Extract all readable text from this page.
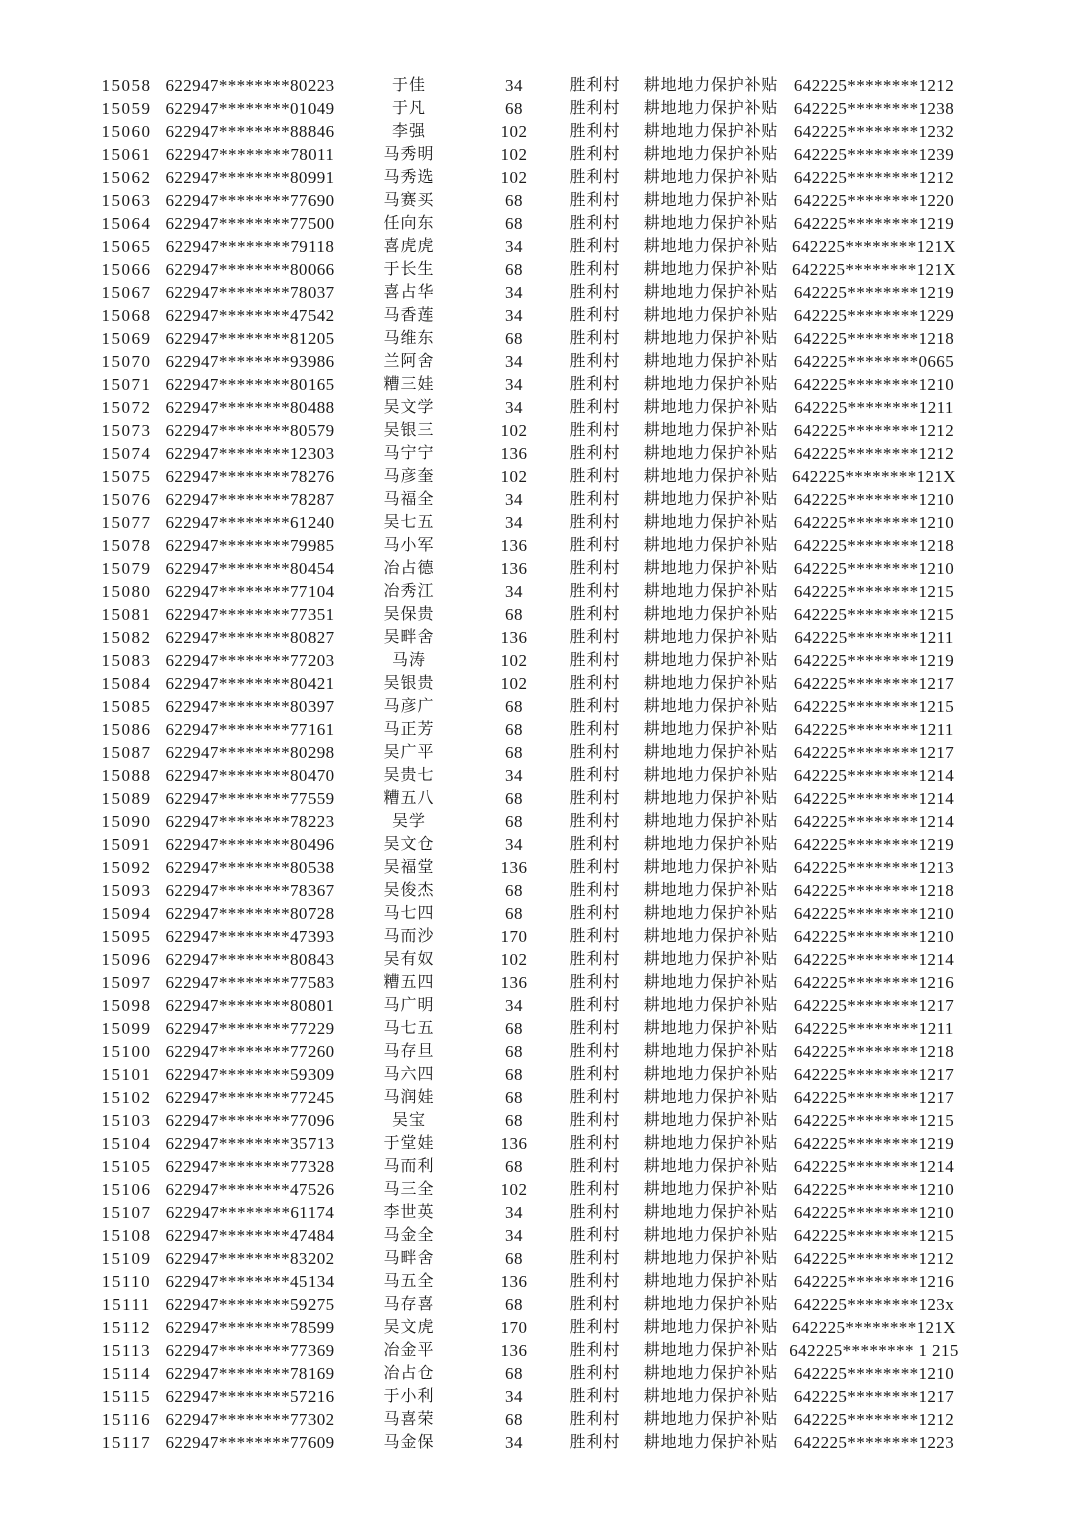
15058 622947********80223	于佳	34	胜利村	耕地地力保护补贴 642225********1212
15059 622947********01049	于凡	68	胜利村	耕地地力保护补贴 642225********1238
15060 622947********88846	李强	102	胜利村	耕地地力保护补贴 642225********1232
15061 622947********78011	马秀明	102	胜利村	耕地地力保护补贴 642225********1239
15062 622947********80991	马秀选	102	胜利村	耕地地力保护补贴 642225********1212
15063 622947********77690	马赛买	68	胜利村	耕地地力保护补贴 642225********1220
15064 622947********77500	任向东	68	胜利村	耕地地力保护补贴 642225********1219
15065 622947********79118	喜虎虎	34	胜利村	耕地地力保护补贴 642225********121X
15066 622947********80066	于长生	68	胜利村	耕地地力保护补贴 642225********121X
15067 622947********78037	喜占华	34	胜利村	耕地地力保护补贴 642225********1219
15068 622947********47542	马香莲	34	胜利村	耕地地力保护补贴 642225********1229
15069 622947********81205	马维东	68	胜利村	耕地地力保护补贴 642225********1218
15070 622947********93986	兰阿舍	34	胜利村	耕地地力保护补贴 642225********0665
15071 622947********80165	糟三娃	34	胜利村	耕地地力保护补贴 642225********1210
15072 622947********80488	吴文学	34	胜利村	耕地地力保护补贴 642225********1211
15073 622947********80579	吴银三	102	胜利村	耕地地力保护补贴 642225********1212
15074 622947********12303	马宁宁	136	胜利村	耕地地力保护补贴 642225********1212
15075 622947********78276	马彦奎	102	胜利村	耕地地力保护补贴 642225********121X
15076 622947********78287	马福全	34	胜利村	耕地地力保护补贴 642225********1210
15077 622947********61240	吴七五	34	胜利村	耕地地力保护补贴 642225********1210
15078 622947********79985	马小军	136	胜利村	耕地地力保护补贴 642225********1218
15079 622947********80454	冶占德	136	胜利村	耕地地力保护补贴 642225********1210
15080 622947********77104	冶秀江	34	胜利村	耕地地力保护补贴 642225********1215
15081 622947********77351	吴保贵	68	胜利村	耕地地力保护补贴 642225********1215
15082 622947********80827	吴畔舍	136	胜利村	耕地地力保护补贴 642225********1211
15083 622947********77203	马涛	102	胜利村	耕地地力保护补贴 642225********1219
15084 622947********80421	吴银贵	102	胜利村	耕地地力保护补贴 642225********1217
15085 622947********80397	马彦广	68	胜利村	耕地地力保护补贴 642225********1215
15086 622947********77161	马正芳	68	胜利村	耕地地力保护补贴 642225********1211
15087 622947********80298	吴广平	68	胜利村	耕地地力保护补贴 642225********1217
15088 622947********80470	吴贵七	34	胜利村	耕地地力保护补贴 642225********1214
15089 622947********77559	糟五八	68	胜利村	耕地地力保护补贴 642225********1214
15090 622947********78223	吴学	68	胜利村	耕地地力保护补贴 642225********1214
15091 622947********80496	吴文仓	34	胜利村	耕地地力保护补贴 642225********1219
15092 622947********80538	吴福堂	136	胜利村	耕地地力保护补贴 642225********1213
15093 622947********78367	吴俊杰	68	胜利村	耕地地力保护补贴 642225********1218
15094 622947********80728	马七四	68	胜利村	耕地地力保护补贴 642225********1210
15095 622947********47393	马而沙	170	胜利村	耕地地力保护补贴 642225********1210
15096 622947********80843	吴有奴	102	胜利村	耕地地力保护补贴 642225********1214
15097 622947********77583	糟五四	136	胜利村	耕地地力保护补贴 642225********1216
15098 622947********80801	马广明	34	胜利村	耕地地力保护补贴 642225********1217
15099 622947********77229	马七五	68	胜利村	耕地地力保护补贴 642225********1211
15100 622947********77260	马存旦	68	胜利村	耕地地力保护补贴 642225********1218
15101 622947********59309	马六四	68	胜利村	耕地地力保护补贴 642225********1217
15102 622947********77245	马润娃	68	胜利村	耕地地力保护补贴 642225********1217
15103 622947********77096	吴宝	68	胜利村	耕地地力保护补贴 642225********1215
15104 622947********35713	于堂娃	136	胜利村	耕地地力保护补贴 642225********1219
15105 622947********77328	马而利	68	胜利村	耕地地力保护补贴 642225********1214
15106 622947********47526	马三全	102	胜利村	耕地地力保护补贴 642225********1210
15107 622947********61174	李世英	34	胜利村	耕地地力保护补贴 642225********1210
15108 622947********47484	马金全	34	胜利村	耕地地力保护补贴 642225********1215
15109 622947********83202	马畔舍	68	胜利村	耕地地力保护补贴 642225********1212
15110 622947********45134	马五全	136	胜利村	耕地地力保护补贴 642225********1216
15111 622947********59275	马存喜	68	胜利村	耕地地力保护补贴 642225********123x
15112 622947********78599	吴文虎	170	胜利村	耕地地力保护补贴 642225********121X
15113 622947********77369	冶金平	136	胜利村	耕地地力保护补贴 642225******** 1 215
15114 622947********78169	冶占仓	68	胜利村	耕地地力保护补贴 642225********1210
15115 622947********57216	于小利	34	胜利村	耕地地力保护补贴 642225********1217
15116 622947********77302	马喜荣	68	胜利村	耕地地力保护补贴 642225********1212
15117 622947********77609	马金保	34	胜利村	耕地地力保护补贴 642225********1223
